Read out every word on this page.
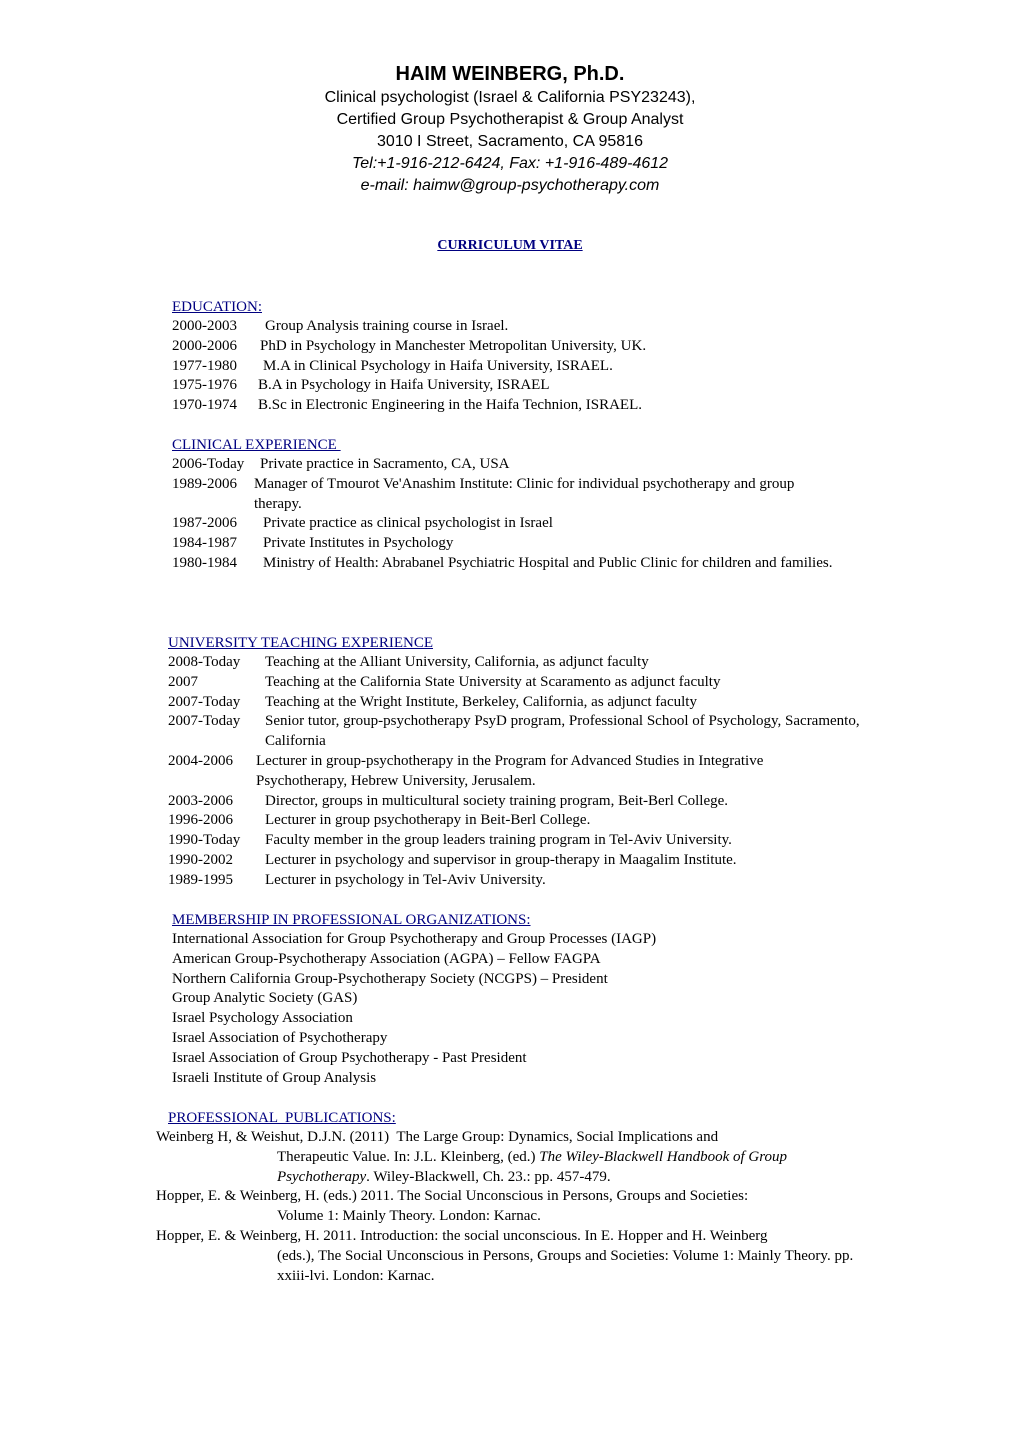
HAIM WEINBERG, Ph.D.
Clinical psychologist (Israel & California PSY23243),
Certified Group Psychotherapist & Group Analyst
3010 I Street, Sacramento, CA 95816
Tel:+1-916-212-6424, Fax: +1-916-489-4612
e-mail: haimw@group-psychotherapy.com
CURRICULUM VITAE
EDUCATION:
2000-2003	Group Analysis training course in Israel.
2000-2006	PhD in Psychology in Manchester Metropolitan University, UK.
1977-1980	M.A in Clinical Psychology in Haifa University, ISRAEL.
1975-1976	B.A in Psychology in Haifa University, ISRAEL
1970-1974	B.Sc in Electronic Engineering in the Haifa Technion, ISRAEL.
CLINICAL EXPERIENCE
2006-Today	Private practice in Sacramento, CA, USA
1989-2006	Manager of Tmourot Ve'Anashim Institute: Clinic for individual psychotherapy and group therapy.
1987-2006	Private practice as clinical psychologist in Israel
1984-1987	Private Institutes in Psychology
1980-1984	Ministry of Health: Abrabanel Psychiatric Hospital and Public Clinic for children and families.
UNIVERSITY TEACHING EXPERIENCE
2008-Today	Teaching at the Alliant University, California, as adjunct faculty
2007	Teaching at the California State University at Scaramento as adjunct faculty
2007-Today	Teaching at the Wright Institute, Berkeley, California, as adjunct faculty
2007-Today	Senior tutor, group-psychotherapy PsyD program, Professional School of Psychology, Sacramento, California
2004-2006	Lecturer in group-psychotherapy in the Program for Advanced Studies in Integrative Psychotherapy, Hebrew University, Jerusalem.
2003-2006	Director, groups in multicultural society training program, Beit-Berl College.
1996-2006	Lecturer in group psychotherapy in Beit-Berl College.
1990-Today	Faculty member in the group leaders training program in Tel-Aviv University.
1990-2002	Lecturer in psychology and supervisor in group-therapy in Maagalim Institute.
1989-1995	Lecturer in psychology in Tel-Aviv University.
MEMBERSHIP IN PROFESSIONAL ORGANIZATIONS:
International Association for Group Psychotherapy and Group Processes (IAGP)
American Group-Psychotherapy Association (AGPA) – Fellow FAGPA
Northern California Group-Psychotherapy Society (NCGPS) – President
Group Analytic Society (GAS)
Israel Psychology Association
Israel Association of Psychotherapy
Israel Association of Group Psychotherapy - Past President
Israeli Institute of Group Analysis
PROFESSIONAL  PUBLICATIONS:
Weinberg H, & Weishut, D.J.N. (2011)  The Large Group: Dynamics, Social Implications and
Therapeutic Value. In: J.L. Kleinberg, (ed.) The Wiley-Blackwell Handbook of Group Psychotherapy. Wiley-Blackwell, Ch. 23.: pp. 457-479.
Hopper, E. & Weinberg, H. (eds.) 2011. The Social Unconscious in Persons, Groups and Societies:
Volume 1: Mainly Theory. London: Karnac.
Hopper, E. & Weinberg, H. 2011. Introduction: the social unconscious. In E. Hopper and H. Weinberg
(eds.), The Social Unconscious in Persons, Groups and Societies: Volume 1: Mainly Theory. pp. xxiii-lvi. London: Karnac.
